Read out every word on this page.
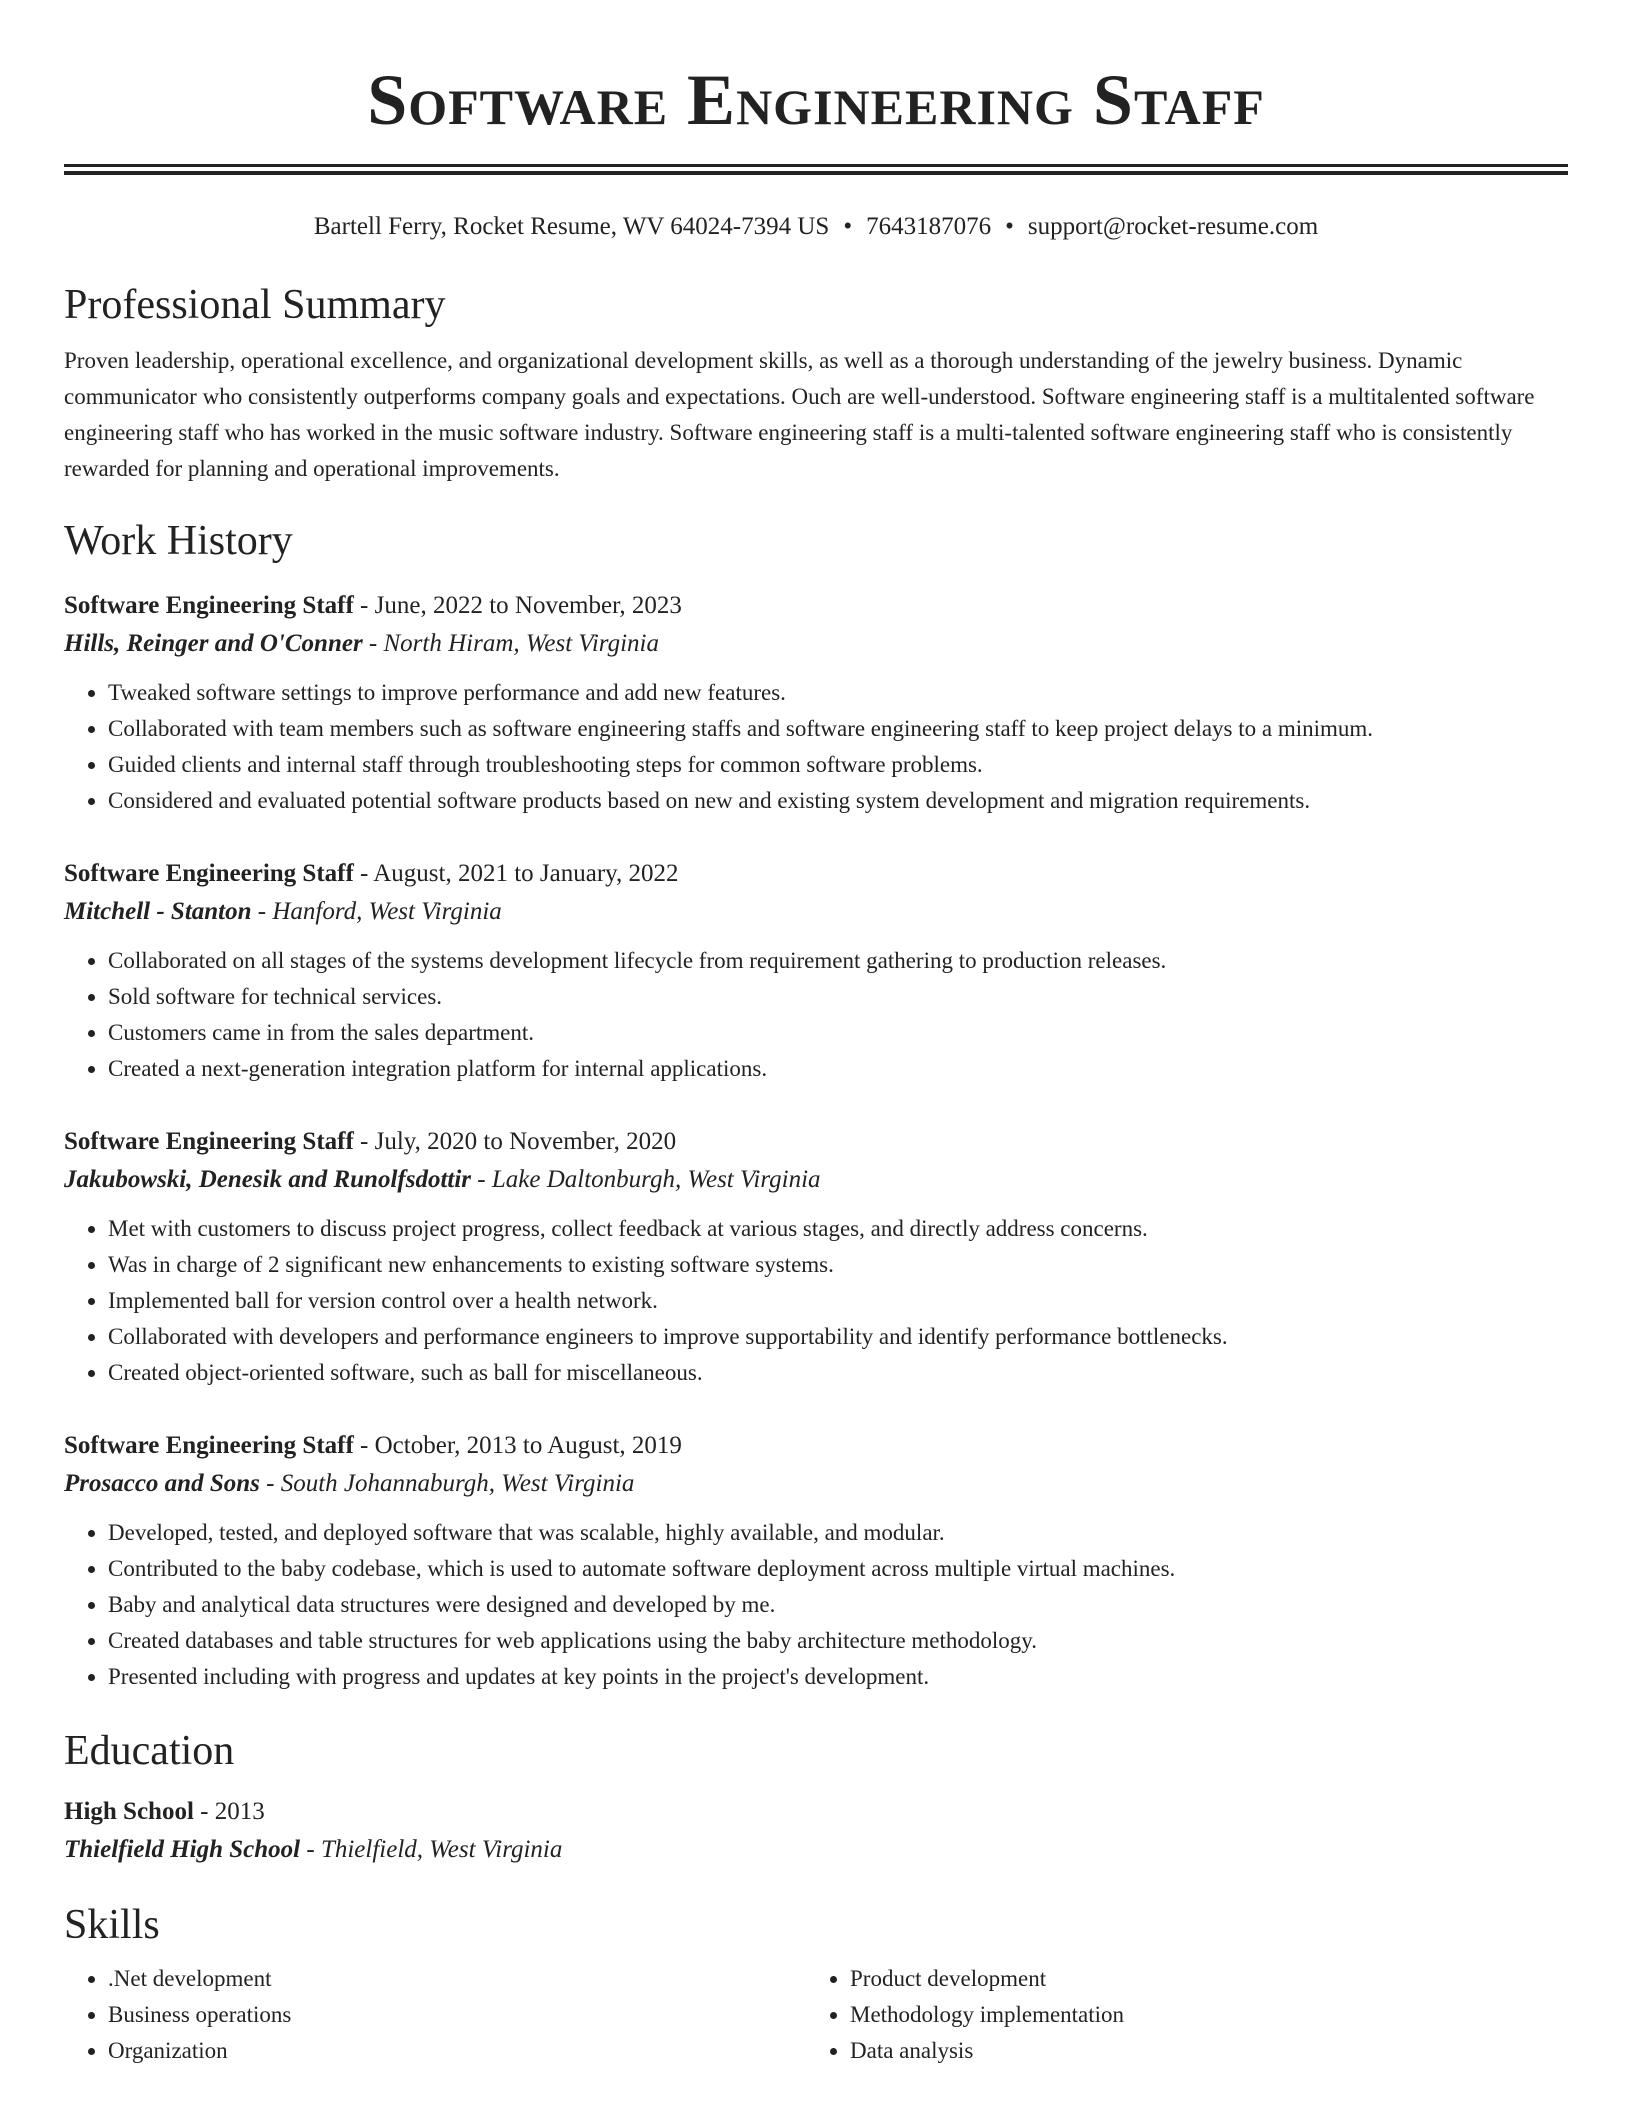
Software Engineering Staff
Bartell Ferry, Rocket Resume, WV 64024-7394 US • 7643187076 • support@rocket-resume.com
Professional Summary

Proven leadership, operational excellence, and organizational development skills, as well as a thorough understanding of the jewelry business. Dynamic communicator who consistently outperforms company goals and expectations. Ouch are well-understood. Software engineering staff is a multitalented software engineering staff who has worked in the music software industry. Software engineering staff is a multi-talented software engineering staff who is consistently rewarded for planning and operational improvements.

Work History
Software Engineering Staff - June, 2022 to November, 2023
Hills, Reinger and O'Conner - North Hiram, West Virginia
• Tweaked software settings to improve performance and add new features.
• Collaborated with team members such as software engineering staffs and software engineering staff to keep project delays to a minimum.
• Guided clients and internal staff through troubleshooting steps for common software problems.
• Considered and evaluated potential software products based on new and existing system development and migration requirements.
Software Engineering Staff - August, 2021 to January, 2022
Mitchell - Stanton - Hanford, West Virginia
• Collaborated on all stages of the systems development lifecycle from requirement gathering to production releases.
• Sold software for technical services.
• Customers came in from the sales department.
• Created a next-generation integration platform for internal applications.
Software Engineering Staff - July, 2020 to November, 2020
Jakubowski, Denesik and Runolfsdottir - Lake Daltonburgh, West Virginia
• Met with customers to discuss project progress, collect feedback at various stages, and directly address concerns.
• Was in charge of 2 significant new enhancements to existing software systems.
• Implemented ball for version control over a health network.
• Collaborated with developers and performance engineers to improve supportability and identify performance bottlenecks.
• Created object-oriented software, such as ball for miscellaneous.
Software Engineering Staff - October, 2013 to August, 2019
Prosacco and Sons - South Johannaburgh, West Virginia
• Developed, tested, and deployed software that was scalable, highly available, and modular.
• Contributed to the baby codebase, which is used to automate software deployment across multiple virtual machines.
• Baby and analytical data structures were designed and developed by me.
• Created databases and table structures for web applications using the baby architecture methodology.
• Presented including with progress and updates at key points in the project's development.
Education
High School - 2013
Thielfield High School - Thielfield, West Virginia
Skills
• .Net development
• Business operations
• Organization
• Product development
• Methodology implementation
• Data analysis
